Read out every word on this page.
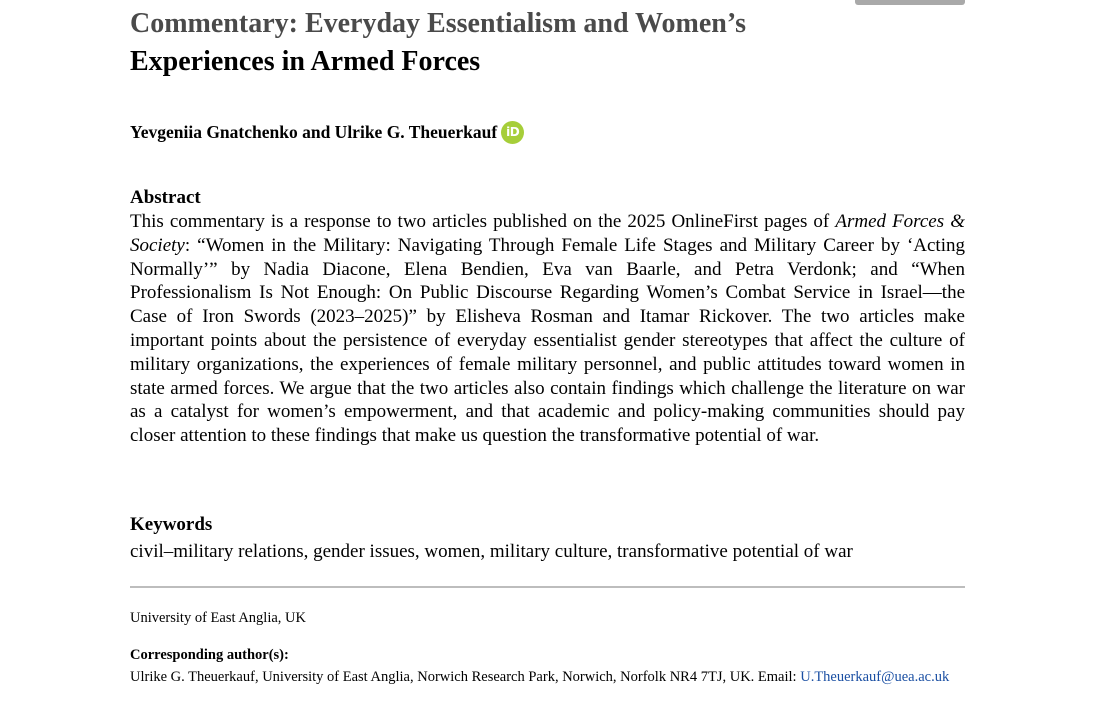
Commentary: Everyday Essentialism and Women’s
Experiences in Armed Forces
Yevgeniia Gnatchenko and Ulrike G. Theuerkauf iD
Abstract

This commentary is a response to two articles published on the 2025 OnlineFirst pages of Armed Forces & Society: “Women in the Military: Navigating Through Female Life Stages and Military Career by ‘Acting Normally’” by Nadia Diacone, Elena Bendien, Eva van Baarle, and Petra Verdonk; and “When Professionalism Is Not Enough: On Public Discourse Regarding Women’s Combat Service in Israel—the Case of Iron Swords (2023–2025)” by Elisheva Rosman and Itamar Rickover. The two articles make important points about the persistence of everyday essentialist gender stereotypes that affect the culture of military organizations, the experiences of female military personnel, and public attitudes toward women in state armed forces. We argue that the two articles also contain findings which challenge the literature on war as a catalyst for women’s empowerment, and that academic and policy-making communities should pay closer attention to these findings that make us question the transformative potential of war.

Keywords
civil–military relations, gender issues, women, military culture, transformative potential of war
University of East Anglia, UK
Corresponding author(s):

Ulrike G. Theuerkauf, University of East Anglia, Norwich Research Park, Norwich, Norfolk NR4 7TJ, UK. Email: U.Theuerkauf@uea.ac.uk
